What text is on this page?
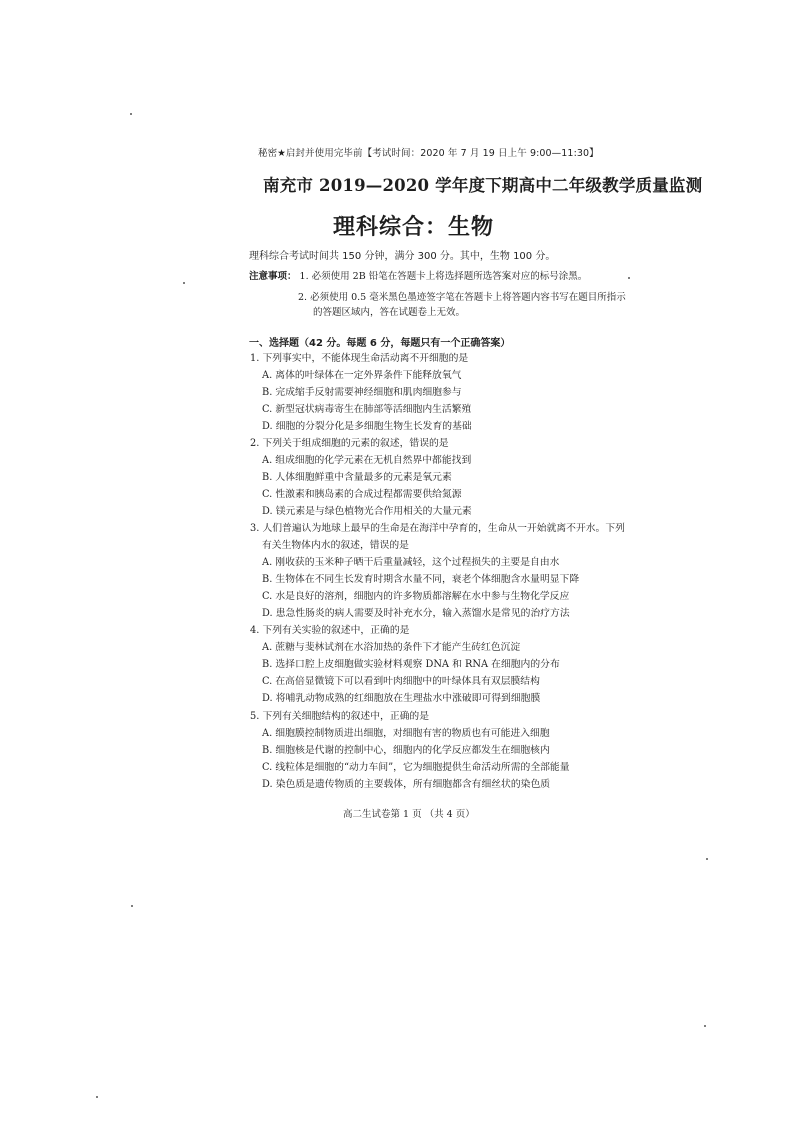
秘密★启封并使用完毕前【考试时间：2020 年 7 月 19 日上午 9:00—11:30】
南充市 2019—2020 学年度下期高中二年级教学质量监测
理科综合：生物
理科综合考试时间共 150 分钟，满分 300 分。其中，生物 100 分。
注意事项： 1. 必须使用 2B 铅笔在答题卡上将选择题所选答案对应的标号涂黑。
2. 必须使用 0.5 毫米黑色墨迹签字笔在答题卡上将答题内容书写在题目所指示
的答题区域内，答在试题卷上无效。
一、选择题（42 分。每题 6 分，每题只有一个正确答案）
1. 下列事实中，不能体现生命活动离不开细胞的是
A. 离体的叶绿体在一定外界条件下能释放氧气
B. 完成缩手反射需要神经细胞和肌肉细胞参与
C. 新型冠状病毒寄生在肺部等活细胞内生活繁殖
D. 细胞的分裂分化是多细胞生物生长发育的基础
2. 下列关于组成细胞的元素的叙述，错误的是
A. 组成细胞的化学元素在无机自然界中都能找到
B. 人体细胞鲜重中含量最多的元素是氧元素
C. 性激素和胰岛素的合成过程都需要供给氮源
D. 镁元素是与绿色植物光合作用相关的大量元素
3. 人们普遍认为地球上最早的生命是在海洋中孕育的，生命从一开始就离不开水。下列
有关生物体内水的叙述，错误的是
A. 刚收获的玉米种子晒干后重量减轻，这个过程损失的主要是自由水
B. 生物体在不同生长发育时期含水量不同，衰老个体细胞含水量明显下降
C. 水是良好的溶剂，细胞内的许多物质都溶解在水中参与生物化学反应
D. 患急性肠炎的病人需要及时补充水分，输入蒸馏水是常见的治疗方法
4. 下列有关实验的叙述中，正确的是
A. 蔗糖与斐林试剂在水浴加热的条件下才能产生砖红色沉淀
B. 选择口腔上皮细胞做实验材料观察 DNA 和 RNA 在细胞内的分布
C. 在高倍显微镜下可以看到叶肉细胞中的叶绿体具有双层膜结构
D. 将哺乳动物成熟的红细胞放在生理盐水中涨破即可得到细胞膜
5. 下列有关细胞结构的叙述中，正确的是
A. 细胞膜控制物质进出细胞，对细胞有害的物质也有可能进入细胞
B. 细胞核是代谢的控制中心，细胞内的化学反应都发生在细胞核内
C. 线粒体是细胞的“动力车间”，它为细胞提供生命活动所需的全部能量
D. 染色质是遗传物质的主要载体，所有细胞都含有细丝状的染色质
高二生试卷第 1 页 （共 4 页）
